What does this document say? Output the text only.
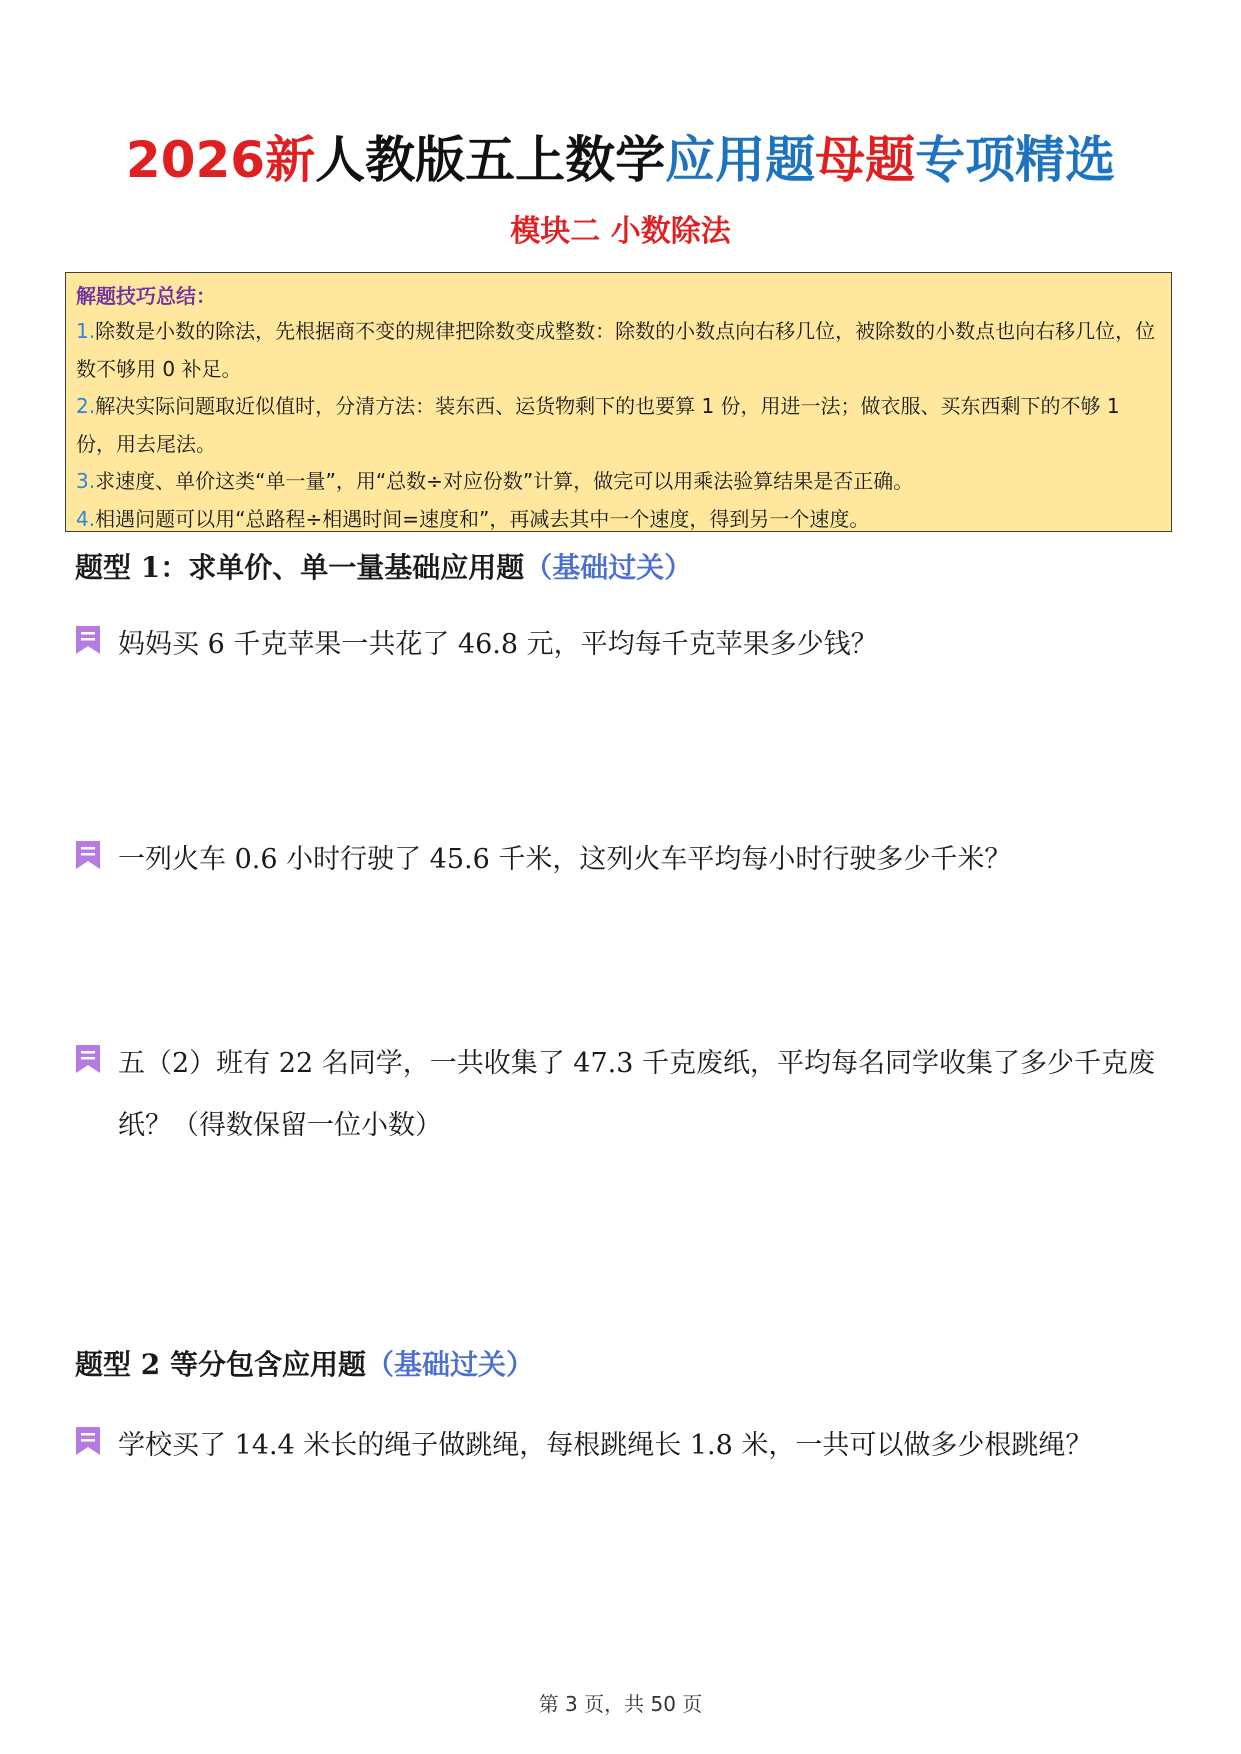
2026新人教版五上数学应用题母题专项精选
模块二 小数除法
解题技巧总结：
1.除数是小数的除法，先根据商不变的规律把除数变成整数：除数的小数点向右移几位，被除数的小数点也向右移几位，位数不够用 0 补足。
2.解决实际问题取近似值时，分清方法：装东西、运货物剩下的也要算 1 份，用进一法；做衣服、买东西剩下的不够 1 份，用去尾法。
3.求速度、单价这类“单一量”，用“总数÷对应份数”计算，做完可以用乘法验算结果是否正确。
4.相遇问题可以用“总路程÷相遇时间=速度和”，再减去其中一个速度，得到另一个速度。
题型 1：求单价、单一量基础应用题（基础过关）
妈妈买 6 千克苹果一共花了 46.8 元，平均每千克苹果多少钱？
一列火车 0.6 小时行驶了 45.6 千米，这列火车平均每小时行驶多少千米？
五（2）班有 22 名同学，一共收集了 47.3 千克废纸，平均每名同学收集了多少千克废纸？（得数保留一位小数）
题型 2 等分包含应用题（基础过关）
学校买了 14.4 米长的绳子做跳绳，每根跳绳长 1.8 米，一共可以做多少根跳绳？
第 3 页，共 50 页
